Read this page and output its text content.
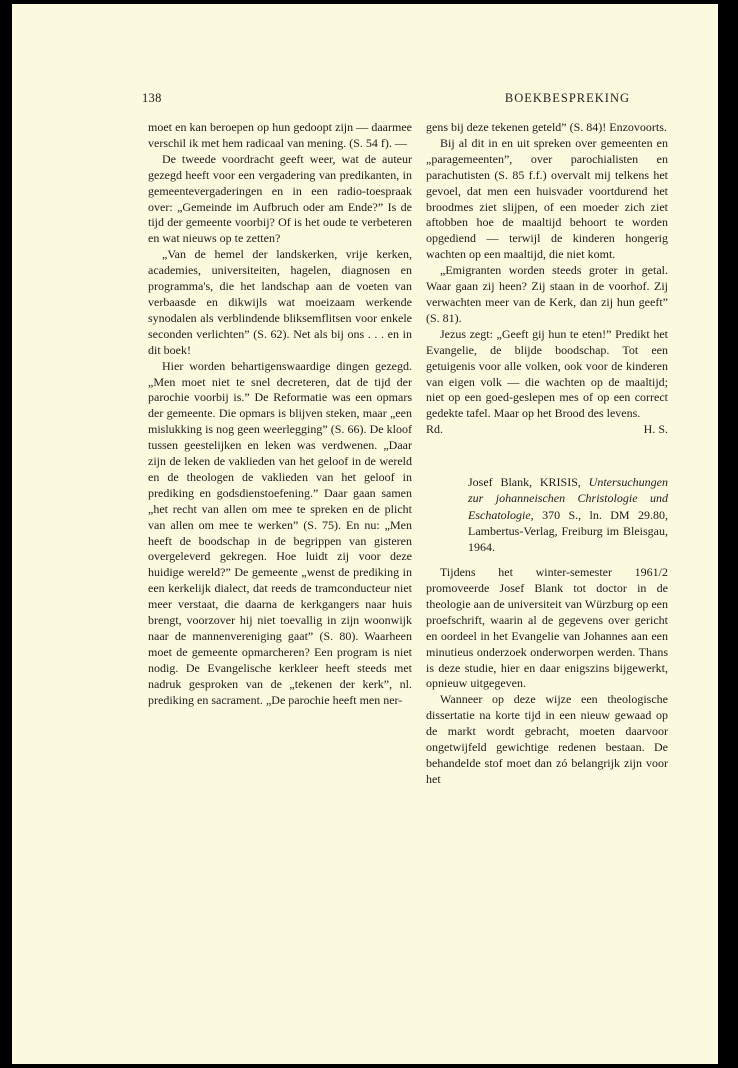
138	BOEKBESPREKING

moet en kan beroepen op hun gedoopt zijn — daarmee verschil ik met hem radicaal van mening. (S. 54 f). —

De tweede voordracht geeft weer, wat de auteur gezegd heeft voor een vergadering van predikanten, in gemeentevergaderingen en in een radio-toespraak over: „Gemeinde im Aufbruch oder am Ende?” Is de tijd der gemeente voorbij? Of is het oude te verbeteren en wat nieuws op te zetten?

„Van de hemel der landskerken, vrije kerken, academies, universiteiten, hagelen, diagnosen en programma's, die het landschap aan de voeten van verbaasde en dikwijls wat moeizaam werkende synodalen als verblindende bliksemflitsen voor enkele seconden verlichten” (S. 62). Net als bij ons . . . en in dit boek!

Hier worden behartigenswaardige dingen gezegd. „Men moet niet te snel decreteren, dat de tijd der parochie voorbij is.” De Reformatie was een opmars der gemeente. Die opmars is blijven steken, maar „een mislukking is nog geen weerlegging” (S. 66). De kloof tussen geestelijken en leken was verdwenen. „Daar zijn de leken de vaklieden van het geloof in de wereld en de theologen de vaklieden van het geloof in prediking en godsdienstoefening.” Daar gaan samen „het recht van allen om mee te spreken en de plicht van allen om mee te werken” (S. 75). En nu: „Men heeft de boodschap in de begrippen van gisteren overgeleverd gekregen. Hoe luidt zij voor deze huidige wereld?” De gemeente „wenst de prediking in een kerkelijk dialect, dat reeds de tramconducteur niet meer verstaat, die daarna de kerkgangers naar huis brengt, voorzover hij niet toevallig in zijn woonwijk naar de mannenvereniging gaat” (S. 80). Waarheen moet de gemeente opmarcheren? Een program is niet nodig. De Evangelische kerkleer heeft steeds met nadruk gesproken van de „tekenen der kerk”, nl. prediking en sacrament. „De parochie heeft men ner-

gens bij deze tekenen geteld” (S. 84)! Enzovoorts.

Bij al dit in en uit spreken over gemeenten en „paragemeenten”, over parochialisten en parachutisten (S. 85 f.f.) overvalt mij telkens het gevoel, dat men een huisvader voortdurend het broodmes ziet slijpen, of een moeder zich ziet aftobben hoe de maaltijd behoort te worden opgediend — terwijl de kinderen hongerig wachten op een maaltijd, die niet komt.

„Emigranten worden steeds groter in getal. Waar gaan zij heen? Zij staan in de voorhof. Zij verwachten meer van de Kerk, dan zij hun geeft” (S. 81).

Jezus zegt: „Geeft gij hun te eten!” Predikt het Evangelie, de blijde boodschap. Tot een getuigenis voor alle volken, ook voor de kinderen van eigen volk — die wachten op de maaltijd; niet op een goed-geslepen mes of op een correct gedekte tafel. Maar op het Brood des levens.

Rd.	H. S.
Josef Blank, KRISIS, Untersuchungen zur johanneischen Christologie und Eschatologie, 370 S., ln. DM 29.80, Lambertus-Verlag, Freiburg im Bleisgau, 1964.

Tijdens het winter-semester 1961/2 promoveerde Josef Blank tot doctor in de theologie aan de universiteit van Würzburg op een proefschrift, waarin al de gegevens over gericht en oordeel in het Evangelie van Johannes aan een minutieus onderzoek onderworpen werden. Thans is deze studie, hier en daar enigszins bijgewerkt, opnieuw uitgegeven.

Wanneer op deze wijze een theologische dissertatie na korte tijd in een nieuw gewaad op de markt wordt gebracht, moeten daarvoor ongetwijfeld gewichtige redenen bestaan. De behandelde stof moet dan zó belangrijk zijn voor het
